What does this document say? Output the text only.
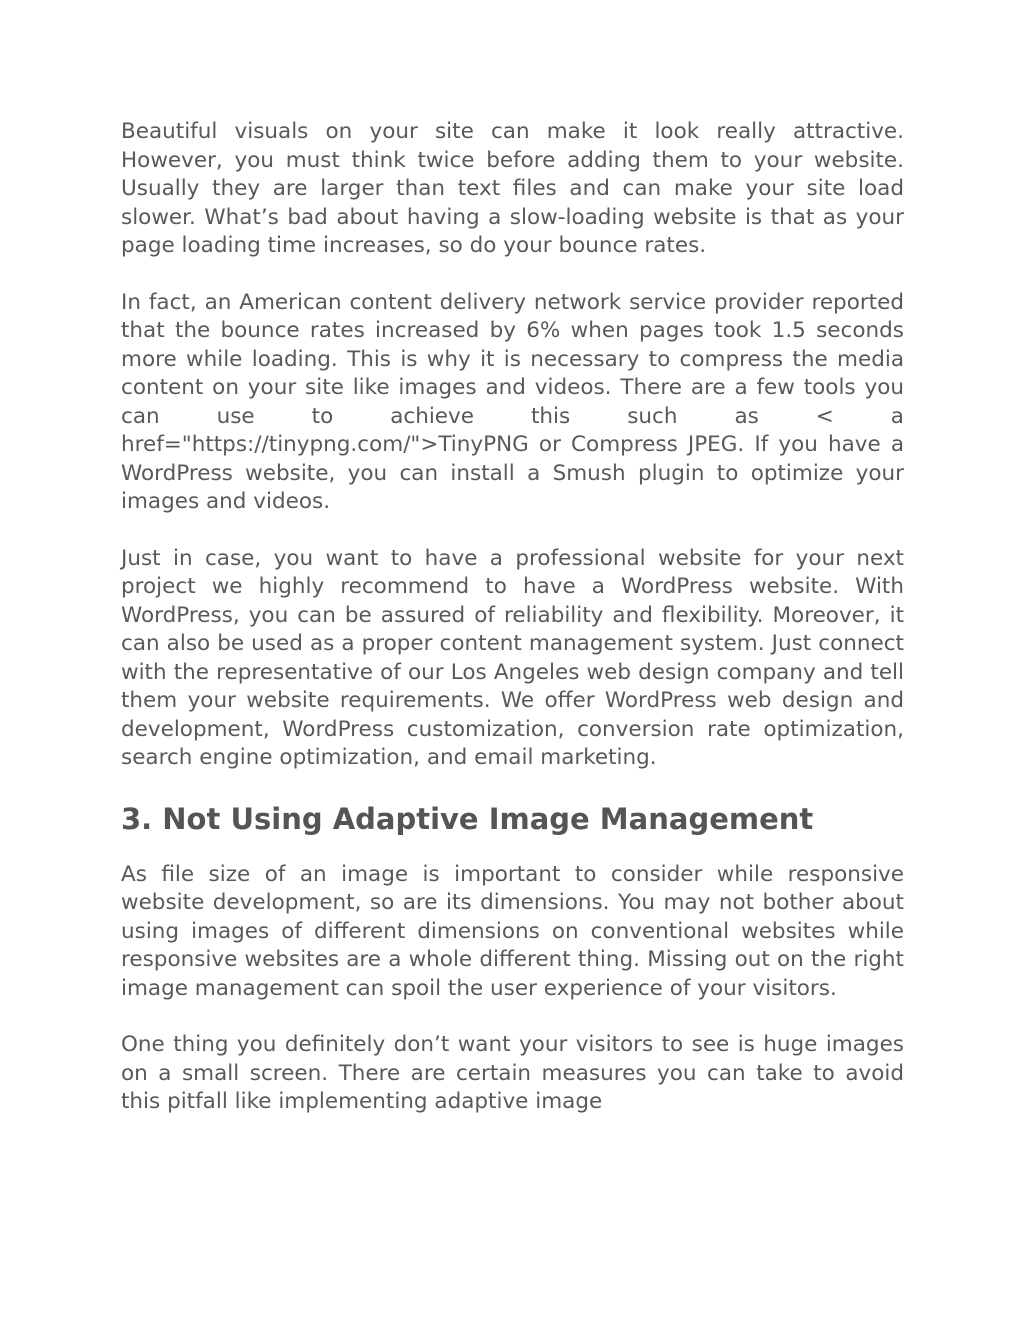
Beautiful visuals on your site can make it look really attractive. However, you must think twice before adding them to your website. Usually they are larger than text files and can make your site load slower. What’s bad about having a slow-loading website is that as your page loading time increases, so do your bounce rates.

In fact, an American content delivery network service provider reported that the bounce rates increased by 6% when pages took 1.5 seconds more while loading. This is why it is necessary to compress the media content on your site like images and videos. There are a few tools you can use to achieve this such as < a href="https://tinypng.com/">TinyPNG or Compress JPEG. If you have a WordPress website, you can install a Smush plugin to optimize your images and videos.

Just in case, you want to have a professional website for your next project we highly recommend to have a WordPress website. With WordPress, you can be assured of reliability and flexibility. Moreover, it can also be used as a proper content management system. Just connect with the representative of our Los Angeles web design company and tell them your website requirements. We offer WordPress web design and development, WordPress customization, conversion rate optimization, search engine optimization, and email marketing.

3. Not Using Adaptive Image Management

As file size of an image is important to consider while responsive website development, so are its dimensions. You may not bother about using images of different dimensions on conventional websites while responsive websites are a whole different thing. Missing out on the right image management can spoil the user experience of your visitors.

One thing you definitely don’t want your visitors to see is huge images on a small screen. There are certain measures you can take to avoid this pitfall like implementing adaptive image
